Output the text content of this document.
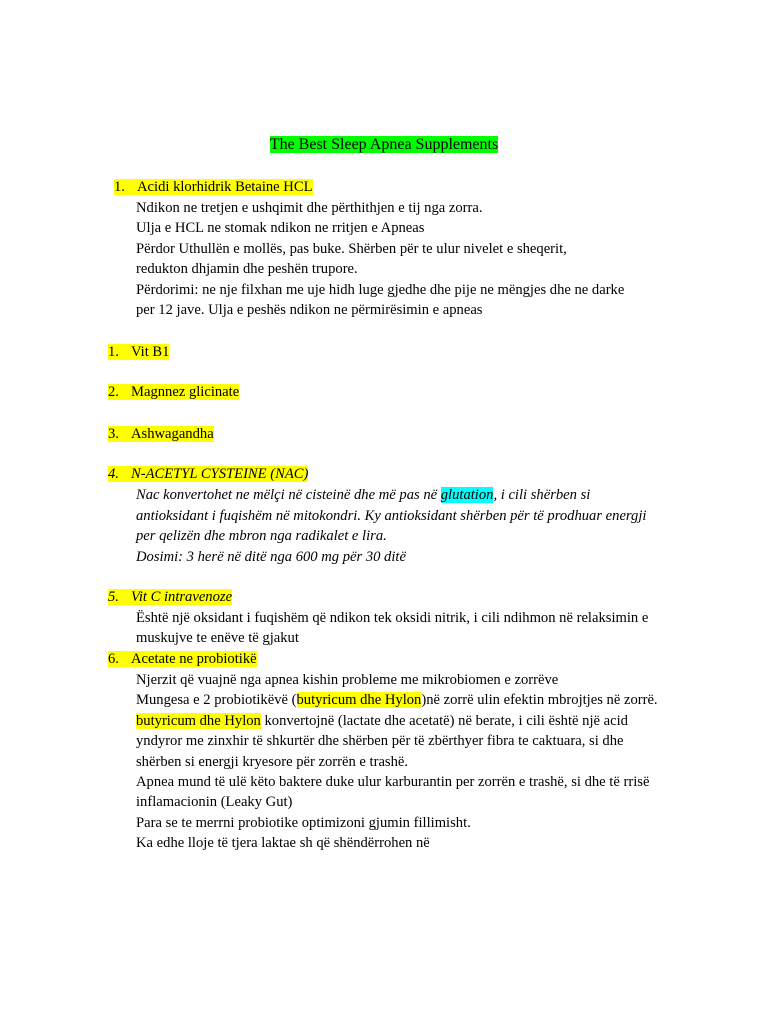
The Best Sleep Apnea Supplements
1. Acidi klorhidrik Betaine HCL
Ndikon ne tretjen e ushqimit dhe përthithjen e tij nga zorra.
Ulja e HCL ne stomak ndikon ne rritjen e Apneas
Përdor Uthullën e mollës, pas buke. Shërben për te ulur nivelet e sheqerit,
redukton dhjamin dhe peshën trupore.
Përdorimi: ne nje filxhan me uje hidh luge gjedhe dhe pije ne mëngjes dhe ne darke
per 12 jave. Ulja e peshës ndikon ne përmirësimin e apneas
1. Vit B1
2. Magnnez glicinate
3. Ashwagandha
4. N-ACETYL CYSTEINE (NAC)
Nac konvertohet ne mëlçi në cisteinë dhe më pas në glutation, i cili shërben si
antioksidant i fuqishëm në mitokondri. Ky antioksidant shërben për të prodhuar energji
per qelizën dhe mbron nga radikalet e lira.
Dosimi: 3 herë në ditë nga 600 mg për 30 ditë
5. Vit C intravenoze
Është një oksidant i fuqishëm që ndikon tek oksidi nitrik, i cili ndihmon në relaksimin e
muskujve te enëve të gjakut
6. Acetate ne probiotikë
Njerzit që vuajnë nga apnea kishin probleme me mikrobiomen e zorrëve
Mungesa e 2 probiotikëvë (butyricum dhe Hylon)në zorrë ulin efektin mbrojtjes në zorrë.
butyricum dhe Hylon konvertojnë (lactate dhe acetatë) në berate, i cili është një acid
yndyror me zinxhir të shkurtër dhe shërben për të zbërthyer fibra te caktuara, si dhe
shërben si energji kryesore për zorrën e trashë.
Apnea mund të ulë këto baktere duke ulur karburantin per zorrën e trashë, si dhe të rrisë
inflamacionin (Leaky Gut)
Para se te merrni probiotike optimizoni gjumin fillimisht.
Ka edhe lloje të tjera laktae sh që shëndërrohen në
